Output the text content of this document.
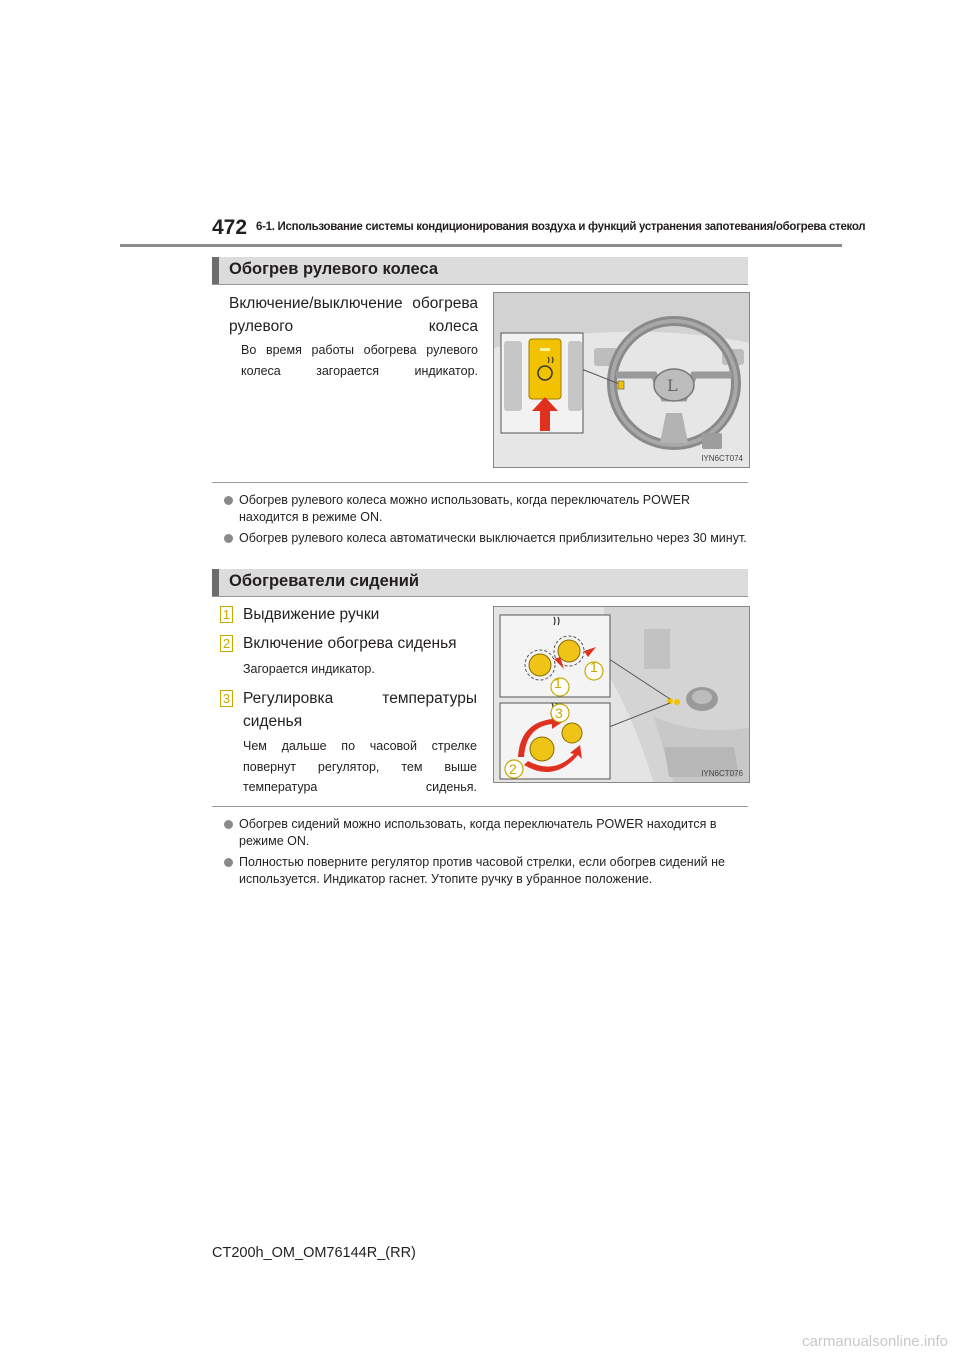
472 6-1. Использование системы кондиционирования воздуха и функций устранения запотевания/обогрева стекол
Обогрев рулевого колеса
Включение/выключение обогрева рулевого колеса
Во время работы обогрева рулевого колеса загорается индикатор.
L
IYN6CT074
Обогрев рулевого колеса можно использовать, когда переключатель POWER находится в режиме ON.
Обогрев рулевого колеса автоматически выключается приблизительно через 30 минут.
Обогреватели сидений
1 Выдвижение ручки
2 Включение обогрева сиденья
Загорается индикатор.
3 Регулировка температуры сиденья
Чем дальше по часовой стрелке повернут регулятор, тем выше температура сиденья.
1
1
3
2	IYN6CT076
Обогрев сидений можно использовать, когда переключатель POWER находится в режиме ON.
Полностью поверните регулятор против часовой стрелки, если обогрев сидений не используется. Индикатор гаснет. Утопите ручку в убранное положение.
CT200h_OM_OM76144R_(RR)
carmanualsonline.info
